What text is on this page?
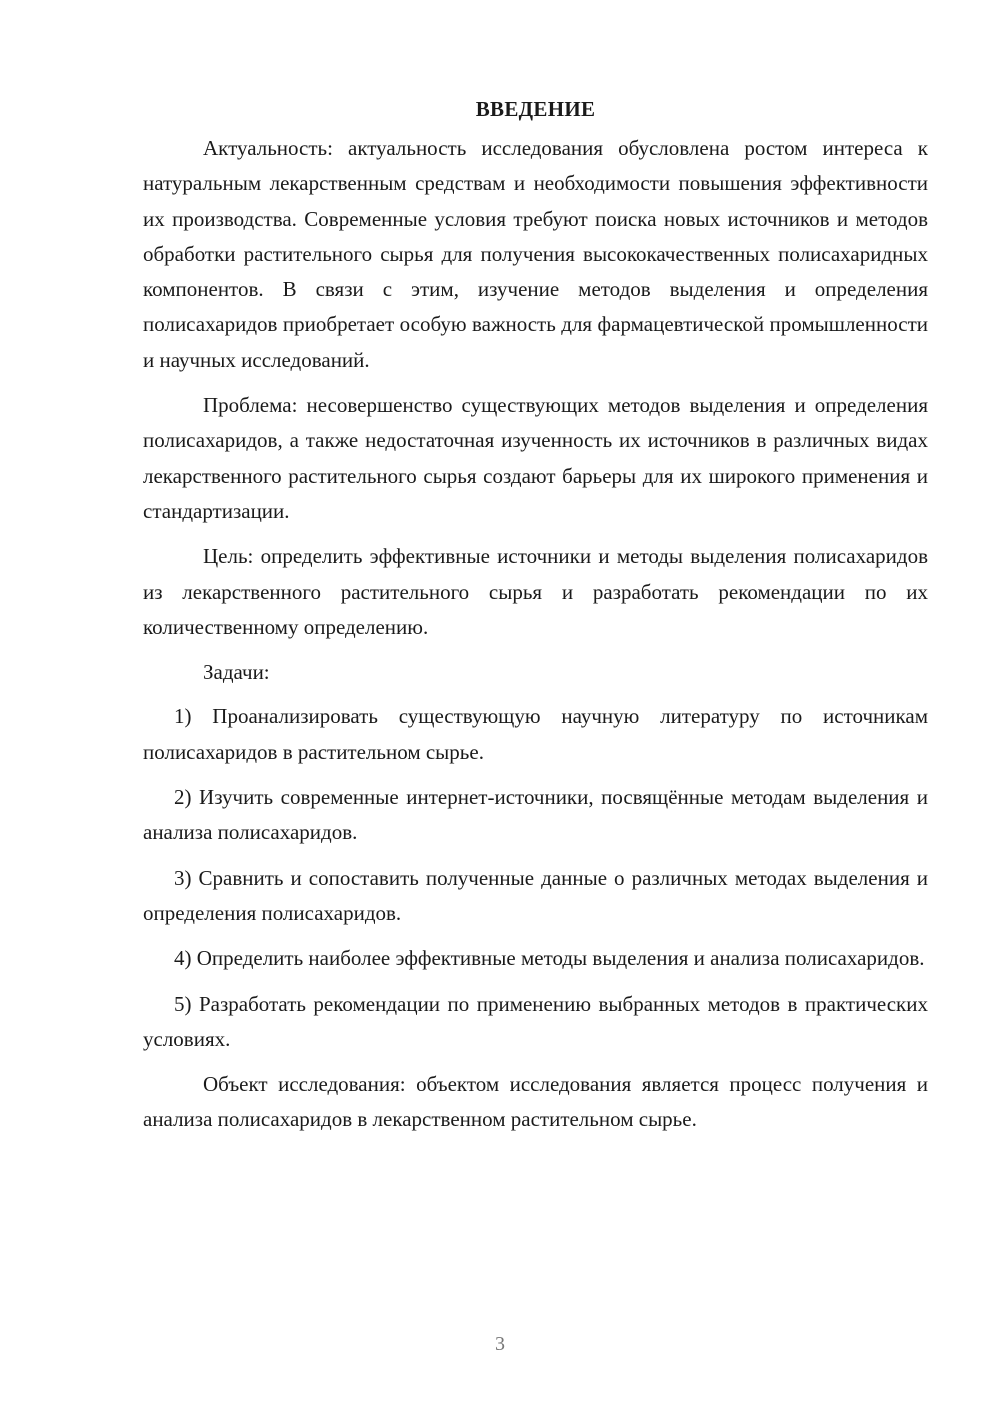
ВВЕДЕНИЕ

Актуальность: актуальность исследования обусловлена ростом интереса к натуральным лекарственным средствам и необходимости повышения эффективности их производства. Современные условия требуют поиска новых источников и методов обработки растительного сырья для получения высококачественных полисахаридных компонентов. В связи с этим, изучение методов выделения и определения полисахаридов приобретает особую важность для фармацевтической промышленности и научных исследований.

Проблема: несовершенство существующих методов выделения и определения полисахаридов, а также недостаточная изученность их источников в различных видах лекарственного растительного сырья создают барьеры для их широкого применения и стандартизации.

Цель: определить эффективные источники и методы выделения полисахаридов из лекарственного растительного сырья и разработать рекомендации по их количественному определению.

Задачи:

1) Проанализировать существующую научную литературу по источникам полисахаридов в растительном сырье.

2) Изучить современные интернет-источники, посвящённые методам выделения и анализа полисахаридов.

3) Сравнить и сопоставить полученные данные о различных методах выделения и определения полисахаридов.

4) Определить наиболее эффективные методы выделения и анализа полисахаридов.

5) Разработать рекомендации по применению выбранных методов в практических условиях.

Объект исследования: объектом исследования является процесс получения и анализа полисахаридов в лекарственном растительном сырье.

3
